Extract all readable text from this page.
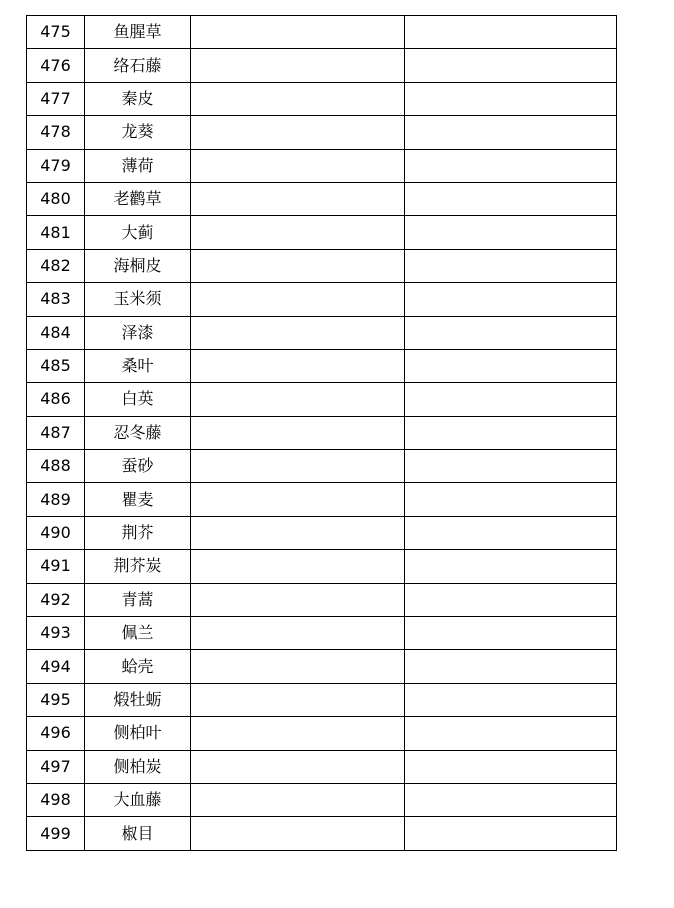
475	鱼腥草		
476	络石藤		
477	秦皮		
478	龙葵		
479	薄荷		
480	老鹳草		
481	大蓟		
482	海桐皮		
483	玉米须		
484	泽漆		
485	桑叶		
486	白英		
487	忍冬藤		
488	蚕砂		
489	瞿麦		
490	荆芥		
491	荆芥炭		
492	青蒿		
493	佩兰		
494	蛤壳		
495	煅牡蛎		
496	侧柏叶		
497	侧柏炭		
498	大血藤		
499	椒目		
